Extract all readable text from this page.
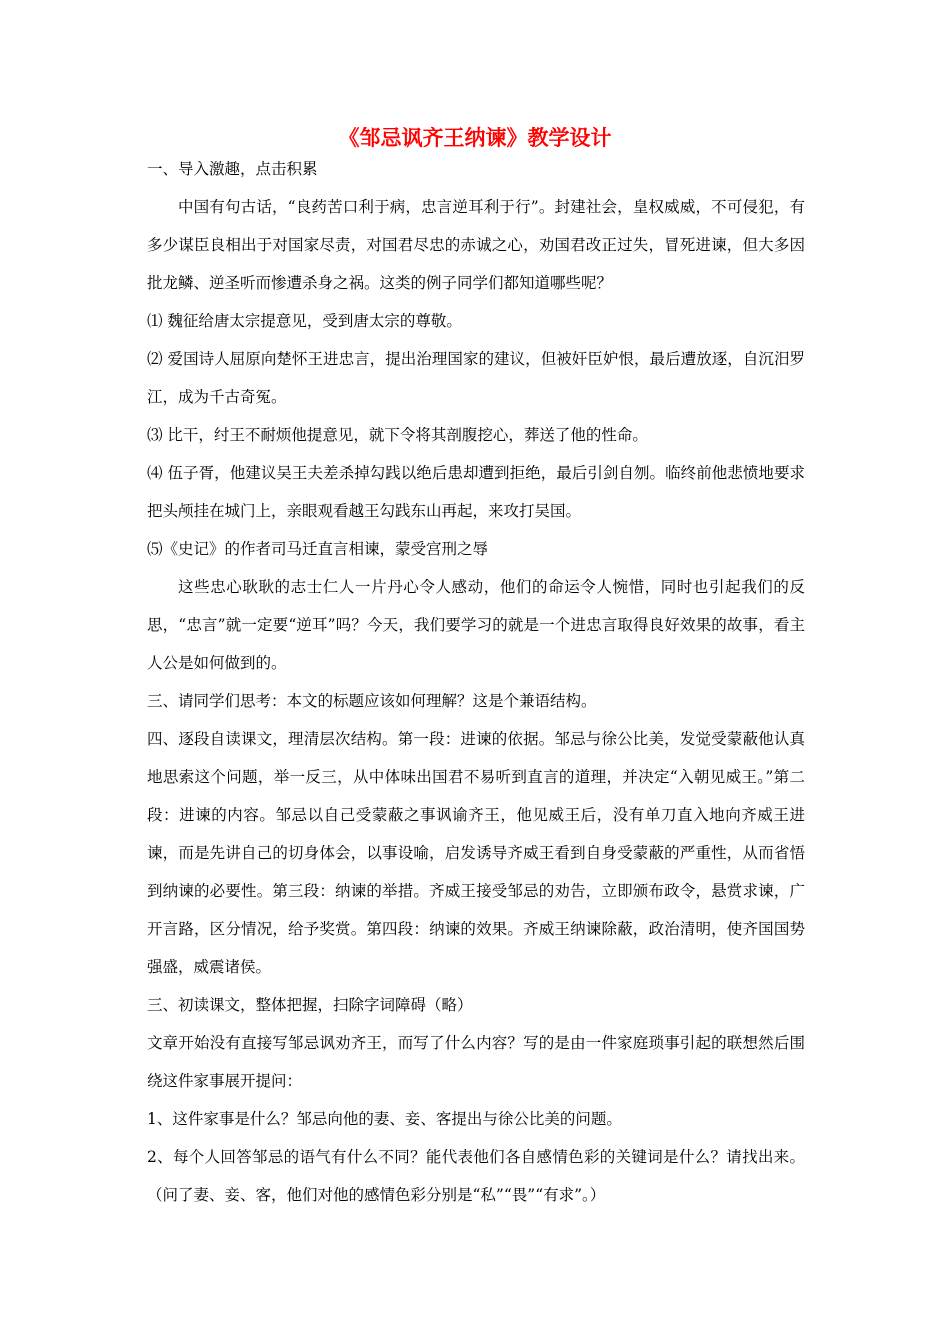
《邹忌讽齐王纳谏》教学设计

一、导入激趣，点击积累

中国有句古话，“良药苦口利于病，忠言逆耳利于行”。封建社会，皇权威威，不可侵犯，有多少谋臣良相出于对国家尽责，对国君尽忠的赤诚之心，劝国君改正过失，冒死进谏，但大多因批龙鳞、逆圣听而惨遭杀身之祸。这类的例子同学们都知道哪些呢？

⑴ 魏征给唐太宗提意见，受到唐太宗的尊敬。

⑵ 爱国诗人屈原向楚怀王进忠言，提出治理国家的建议，但被奸臣妒恨，最后遭放逐，自沉汨罗江，成为千古奇冤。

⑶ 比干，纣王不耐烦他提意见，就下令将其剖腹挖心，葬送了他的性命。

⑷ 伍子胥，他建议吴王夫差杀掉勾践以绝后患却遭到拒绝，最后引剑自刎。临终前他悲愤地要求把头颅挂在城门上，亲眼观看越王勾践东山再起，来攻打吴国。

⑸《史记》的作者司马迁直言相谏，蒙受宫刑之辱

这些忠心耿耿的志士仁人一片丹心令人感动，他们的命运令人惋惜，同时也引起我们的反思，“忠言”就一定要“逆耳”吗？今天，我们要学习的就是一个进忠言取得良好效果的故事，看主人公是如何做到的。

三、请同学们思考：本文的标题应该如何理解？这是个兼语结构。

四、逐段自读课文，理清层次结构。第一段：进谏的依据。邹忌与徐公比美，发觉受蒙蔽他认真地思索这个问题，举一反三，从中体味出国君不易听到直言的道理，并决定“入朝见威王。”第二段：进谏的内容。邹忌以自己受蒙蔽之事讽谕齐王，他见威王后，没有单刀直入地向齐威王进谏，而是先讲自己的切身体会，以事设喻，启发诱导齐威王看到自身受蒙蔽的严重性，从而省悟到纳谏的必要性。第三段：纳谏的举措。齐威王接受邹忌的劝告，立即颁布政令，悬赏求谏，广开言路，区分情况，给予奖赏。第四段：纳谏的效果。齐威王纳谏除蔽，政治清明，使齐国国势强盛，威震诸侯。

三、初读课文，整体把握，扫除字词障碍（略）

文章开始没有直接写邹忌讽劝齐王，而写了什么内容？写的是由一件家庭琐事引起的联想然后围绕这件家事展开提问：

1、这件家事是什么？邹忌向他的妻、妾、客提出与徐公比美的问题。

2、每个人回答邹忌的语气有什么不同？能代表他们各自感情色彩的关键词是什么？请找出来。（问了妻、妾、客，他们对他的感情色彩分别是“私”“畏”“有求”。）
